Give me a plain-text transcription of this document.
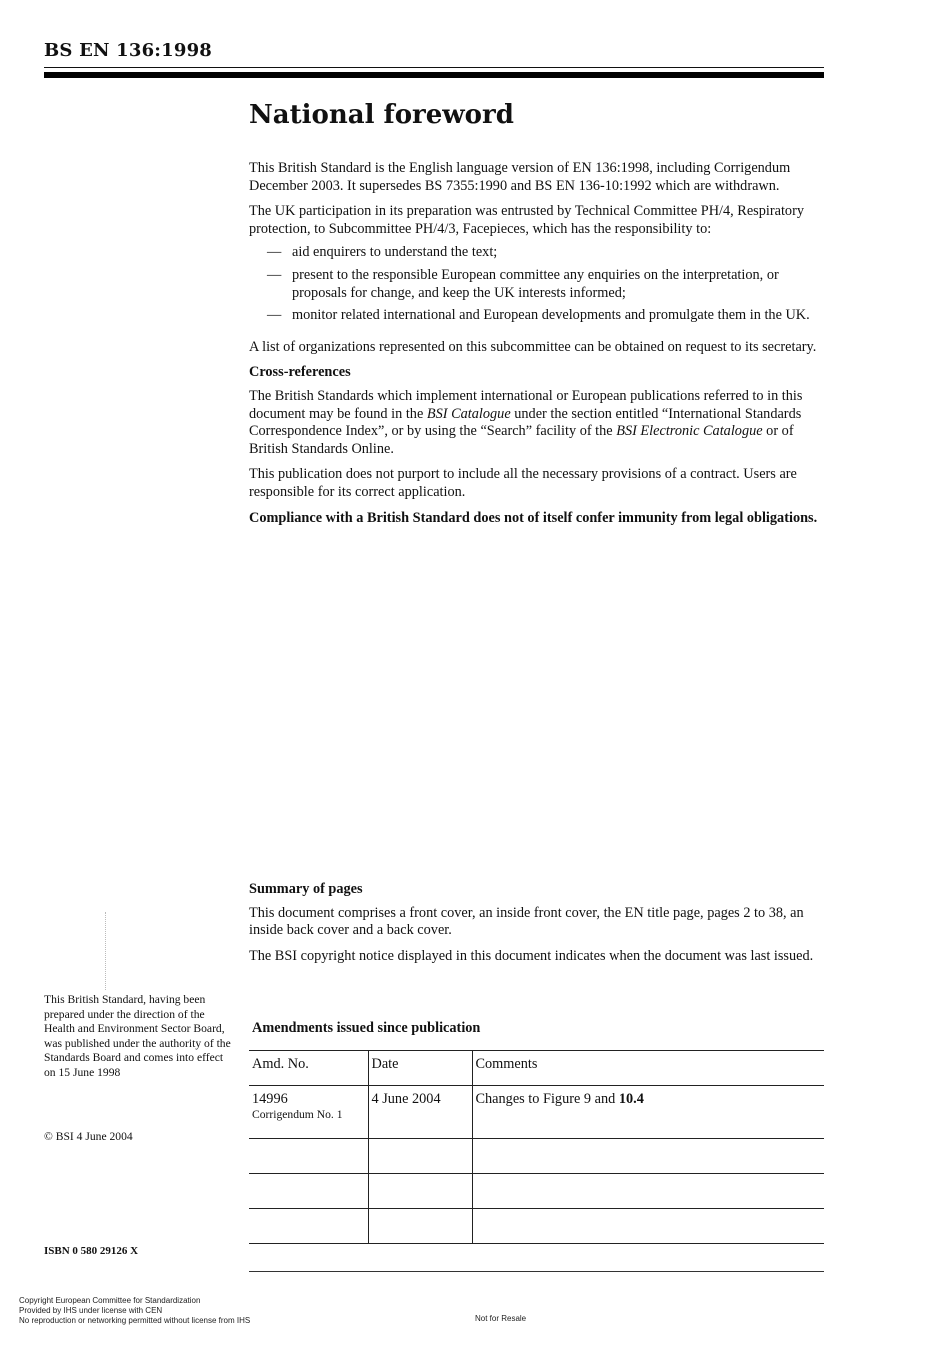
BS EN 136:1998
National foreword

This British Standard is the English language version of EN 136:1998, including Corrigendum December 2003. It supersedes BS 7355:1990 and BS EN 136-10:1992 which are withdrawn.

The UK participation in its preparation was entrusted by Technical Committee PH/4, Respiratory protection, to Subcommittee PH/4/3, Facepieces, which has the responsibility to:

— aid enquirers to understand the text;
— present to the responsible European committee any enquiries on the interpretation, or proposals for change, and keep the UK interests informed;
— monitor related international and European developments and promulgate them in the UK.

A list of organizations represented on this subcommittee can be obtained on request to its secretary.

Cross-references

The British Standards which implement international or European publications referred to in this document may be found in the BSI Catalogue under the section entitled “International Standards Correspondence Index”, or by using the “Search” facility of the BSI Electronic Catalogue or of British Standards Online.

This publication does not purport to include all the necessary provisions of a contract. Users are responsible for its correct application.

Compliance with a British Standard does not of itself confer immunity from legal obligations.

Summary of pages

This document comprises a front cover, an inside front cover, the EN title page, pages 2 to 38, an inside back cover and a back cover.

The BSI copyright notice displayed in this document indicates when the document was last issued.

This British Standard, having been prepared under the direction of the Health and Environment Sector Board, was published under the authority of the Standards Board and comes into effect on 15 June 1998
© BSI 4 June 2004
ISBN 0 580 29126 X
Amendments issued since publication
Amd. No.	Date	Comments

14996
Corrigendum No. 1	4 June 2004	Changes to Figure 9 and 10.4

Copyright European Committee for Standardization
Provided by IHS under license with CEN
No reproduction or networking permitted without license from IHS	Not for Resale
